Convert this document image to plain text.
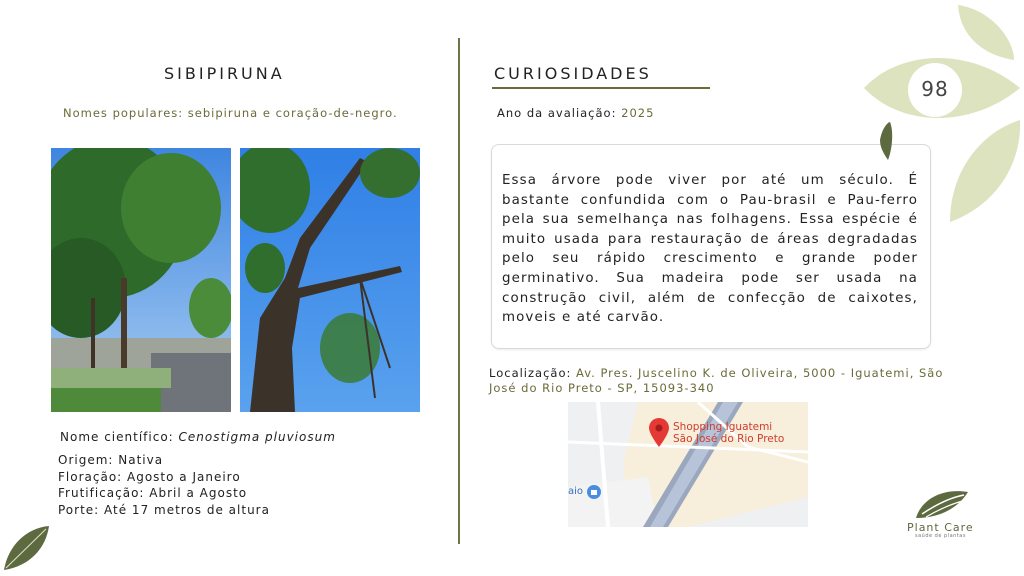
SIBIPIRUNA
Nomes populares: sebipiruna e coração-de-negro.
Nome científico: Cenostigma pluviosum
Origem: Nativa
Floração: Agosto a Janeiro
Frutificação: Abril a Agosto
Porte: Até 17 metros de altura
CURIOSIDADES
Ano da avaliação: 2025
Essa árvore pode viver por até um século. É bastante confundida com o Pau-brasil e Pau-ferro pela sua semelhança nas folhagens. Essa espécie é muito usada para restauração de áreas degradadas pelo seu rápido crescimento e grande poder germinativo. Sua madeira pode ser usada na construção civil, além de confecção de caixotes, moveis e até carvão.
Localização: Av. Pres. Juscelino K. de Oliveira, 5000 - Iguatemi, São José do Rio Preto - SP, 15093-340
Shopping Iguatemi
São José do Rio Preto
aio
98
Plant Care
saúde de plantas
